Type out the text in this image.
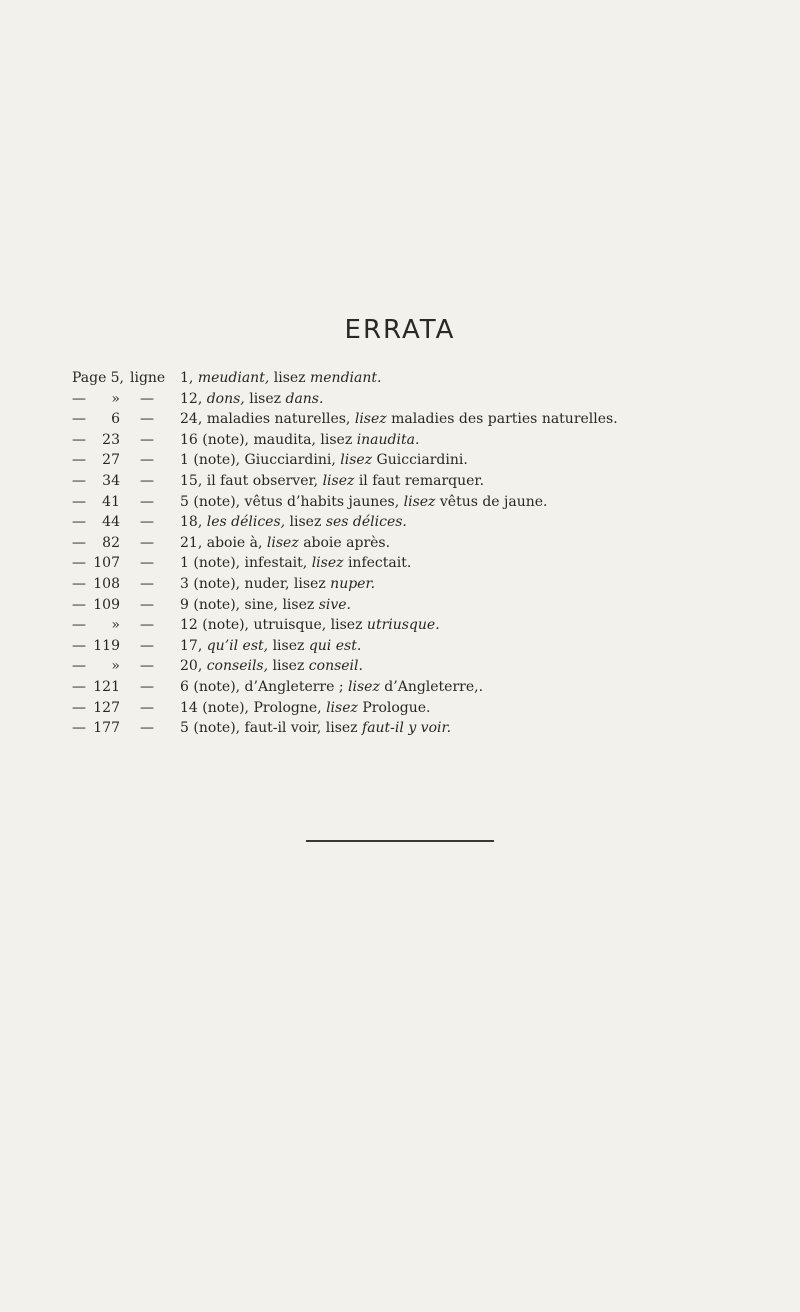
ERRATA
Page 5, ligne 1, meudiant, lisez mendiant.
— » — 12, dons, lisez dans.
— 6 — 24, maladies naturelles, lisez maladies des parties naturelles.
— 23 — 16 (note), maudita, lisez inaudita.
— 27 — 1 (note), Giucciardini, lisez Guicciardini.
— 34 — 15, il faut observer, lisez il faut remarquer.
— 41 — 5 (note), vêtus d’habits jaunes, lisez vêtus de jaune.
— 44 — 18, les délices, lisez ses délices.
— 82 — 21, aboie à, lisez aboie après.
— 107 — 1 (note), infestait, lisez infectait.
— 108 — 3 (note), nuder, lisez nuper.
— 109 — 9 (note), sine, lisez sive.
— » — 12 (note), utruisque, lisez utriusque.
— 119 — 17, qu’il est, lisez qui est.
— » — 20, conseils, lisez conseil.
— 121 — 6 (note), d’Angleterre ; lisez d’Angleterre,.
— 127 — 14 (note), Prologne, lisez Prologue.
— 177 — 5 (note), faut-il voir, lisez faut-il y voir.
